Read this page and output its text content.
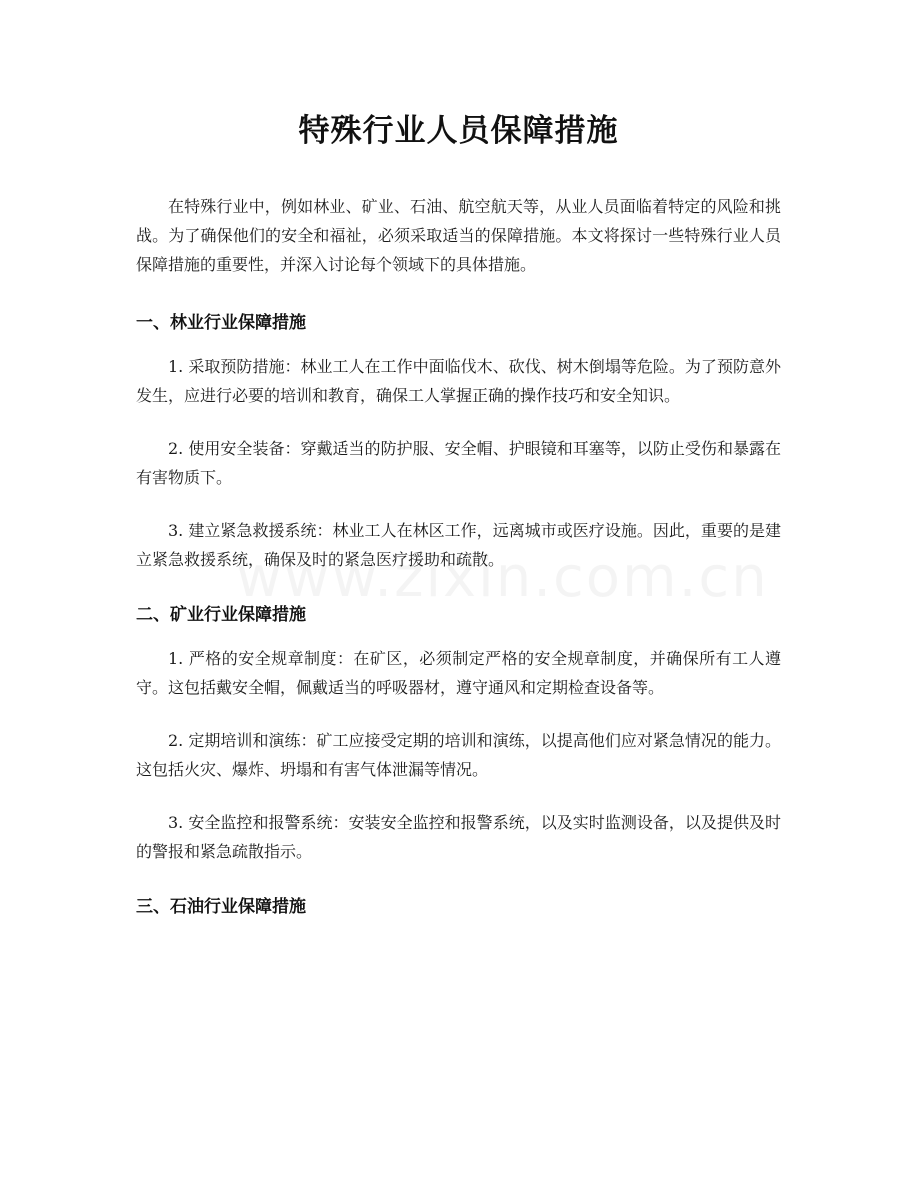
特殊行业人员保障措施

在特殊行业中，例如林业、矿业、石油、航空航天等，从业人员面临着特定的风险和挑战。为了确保他们的安全和福祉，必须采取适当的保障措施。本文将探讨一些特殊行业人员保障措施的重要性，并深入讨论每个领域下的具体措施。

一、林业行业保障措施

1. 采取预防措施：林业工人在工作中面临伐木、砍伐、树木倒塌等危险。为了预防意外发生，应进行必要的培训和教育，确保工人掌握正确的操作技巧和安全知识。

2. 使用安全装备：穿戴适当的防护服、安全帽、护眼镜和耳塞等，以防止受伤和暴露在有害物质下。

3. 建立紧急救援系统：林业工人在林区工作，远离城市或医疗设施。因此，重要的是建立紧急救援系统，确保及时的紧急医疗援助和疏散。

二、矿业行业保障措施

1. 严格的安全规章制度：在矿区，必须制定严格的安全规章制度，并确保所有工人遵守。这包括戴安全帽，佩戴适当的呼吸器材，遵守通风和定期检查设备等。

2. 定期培训和演练：矿工应接受定期的培训和演练，以提高他们应对紧急情况的能力。这包括火灾、爆炸、坍塌和有害气体泄漏等情况。

3. 安全监控和报警系统：安装安全监控和报警系统，以及实时监测设备，以及提供及时的警报和紧急疏散指示。

三、石油行业保障措施
